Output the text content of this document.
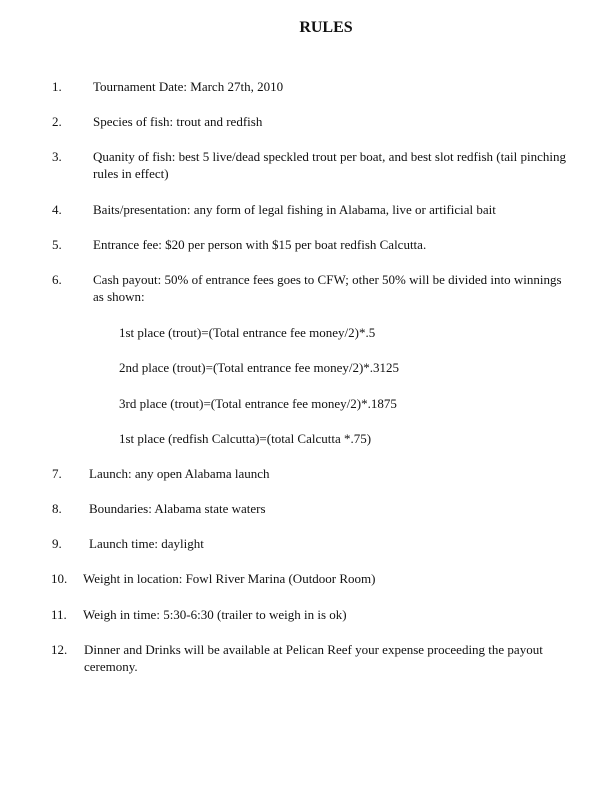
RULES
1. Tournament Date: March 27th, 2010
2. Species of fish: trout and redfish
3. Quanity of fish: best 5 live/dead speckled trout per boat, and best slot redfish (tail pinching rules in effect)
4. Baits/presentation: any form of legal fishing in Alabama, live or artificial bait
5. Entrance fee: $20 per person with $15 per boat redfish Calcutta.
6. Cash payout: 50% of entrance fees goes to CFW; other 50% will be divided into winnings as shown:
1st place (trout)=(Total entrance fee money/2)*.5
2nd place (trout)=(Total entrance fee money/2)*.3125
3rd place (trout)=(Total entrance fee money/2)*.1875
1st place (redfish Calcutta)=(total Calcutta *.75)
7. Launch: any open Alabama launch
8. Boundaries: Alabama state waters
9. Launch time: daylight
10. Weight in location: Fowl River Marina (Outdoor Room)
11. Weigh in time: 5:30-6:30 (trailer to weigh in is ok)
12. Dinner and Drinks will be available at Pelican Reef your expense proceeding the payout ceremony.
